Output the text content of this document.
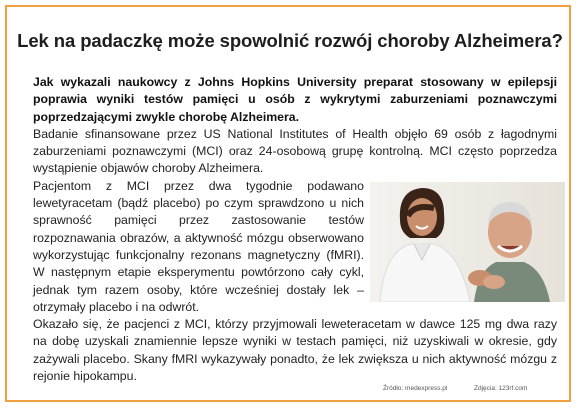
Lek na padaczkę może spowolnić rozwój choroby Alzheimera?

Jak wykazali naukowcy z Johns Hopkins University preparat stosowany w epilepsji poprawia wyniki testów pamięci u osób z wykrytymi zaburzeniami poznawczymi poprzedzającymi zwykle chorobę Alzheimera.

Badanie sfinansowane przez US National Institutes of Health objęło 69 osób z łagodnymi zaburzeniami poznawczymi (MCI) oraz 24-osobową grupę kontrolną. MCI często poprzedza wystąpienie objawów choroby Alzheimera.

Pacjentom z MCI przez dwa tygodnie podawano lewetyracetam (bądź placebo) po czym sprawdzono u nich sprawność pamięci przez zastosowanie testów rozpoznawania obrazów, a aktywność mózgu obserwowano wykorzystując funkcjonalny rezonans magnetyczny (fMRI). W następnym etapie eksperymentu powtórzono cały cykl, jednak tym razem osoby, które wcześniej dostały lek – otrzymały placebo i na odwrót.

Okazało się, że pacjenci z MCI, którzy przyjmowali leweteracetam w dawce 125 mg dwa razy na dobę uzyskali znamiennie lepsze wyniki w testach pamięci, niż uzyskiwali w okresie, gdy zażywali placebo. Skany fMRI wykazywały ponadto, że lek zwiększa u nich aktywność mózgu z rejonie hipokampu.

Źródło: medexpress.pl	Zdjęcia: 123rf.com
